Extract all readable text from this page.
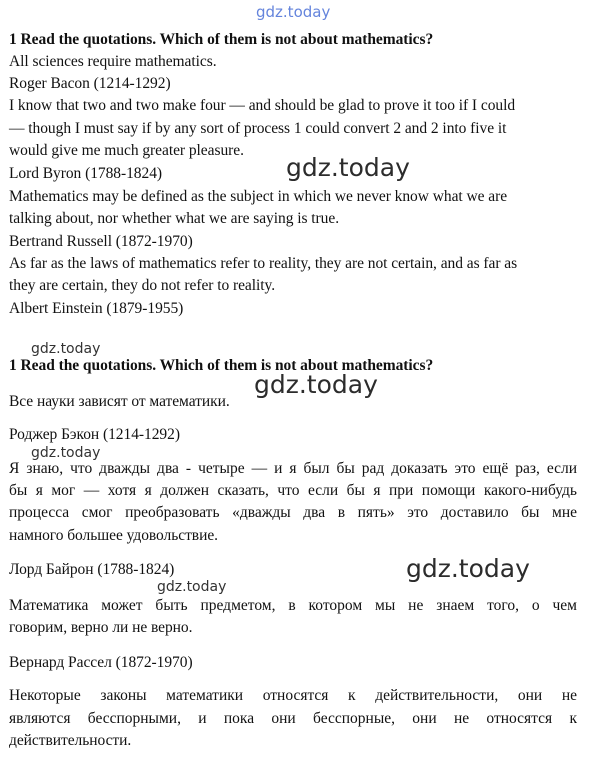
gdz.today
1 Read the quotations. Which of them is not about mathematics?
All sciences require mathematics.
Roger Bacon (1214-1292)
I know that two and two make four — and should be glad to prove it too if I could
— though I must say if by any sort of process 1 could convert 2 and 2 into five it
would give me much greater pleasure.
Lord Byron (1788-1824)
Mathematics may be defined as the subject in which we never know what we are
talking about, nor whether what we are saying is true.
Bertrand Russell (1872-1970)
As far as the laws of mathematics refer to reality, they are not certain, and as far as
they are certain, they do not refer to reality.
Albert Einstein (1879-1955)
gdz.today
gdz.today
1 Read the quotations. Which of them is not about mathematics?
gdz.today
Все науки зависят от математики.
Роджер Бэкон (1214-1292)
gdz.today
Я знаю, что дважды два - четыре — и я был бы рад доказать это ещё раз, если
бы я мог — хотя я должен сказать, что если бы я при помощи какого-нибудь
процесса смог преобразовать «дважды два в пять» это доставило бы мне
намного большее удовольствие.
Лорд Байрон (1788-1824)	gdz.today
gdz.today
Математика может быть предметом, в котором мы не знаем того, о чем
говорим, верно ли не верно.
Вернард Рассел (1872-1970)
Некоторые законы математики относятся к действительности, они не
являются бесспорными, и пока они бесспорные, они не относятся к
действительности.
